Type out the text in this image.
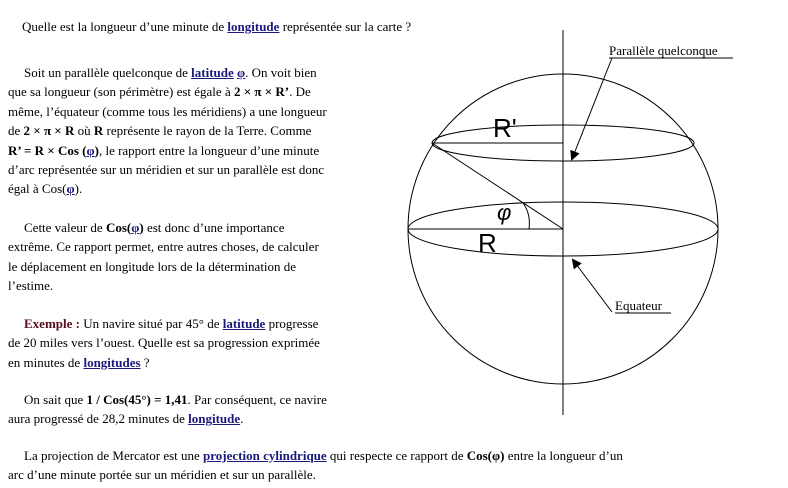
Quelle est la longueur d’une minute de longitude représentée sur la carte ?

Soit un parallèle quelconque de latitude φ. On voit bien
que sa longueur (son périmètre) est égale à 2 × π × R’. De
même, l’équateur (comme tous les méridiens) a une longueur
de 2 × π × R où R représente le rayon de la Terre. Comme
R’ = R × Cos (φ), le rapport entre la longueur d’une minute
d’arc représentée sur un méridien et sur un parallèle est donc
égal à Cos(φ).
Cette valeur de Cos(φ) est donc d’une importance
extrême. Ce rapport permet, entre autres choses, de calculer
le déplacement en longitude lors de la détermination de
l’estime.
Exemple : Un navire situé par 45° de latitude progresse
de 20 miles vers l’ouest. Quelle est sa progression exprimée
en minutes de longitudes ?
On sait que 1 / Cos(45°) = 1,41. Par conséquent, ce navire
aura progressé de 28,2 minutes de longitude.
La projection de Mercator est une projection cylindrique qui respecte ce rapport de Cos(φ) entre la longueur d’un
arc d’une minute portée sur un méridien et sur un parallèle.
Parallèle quelconque
Equateur
R'
R
φ
